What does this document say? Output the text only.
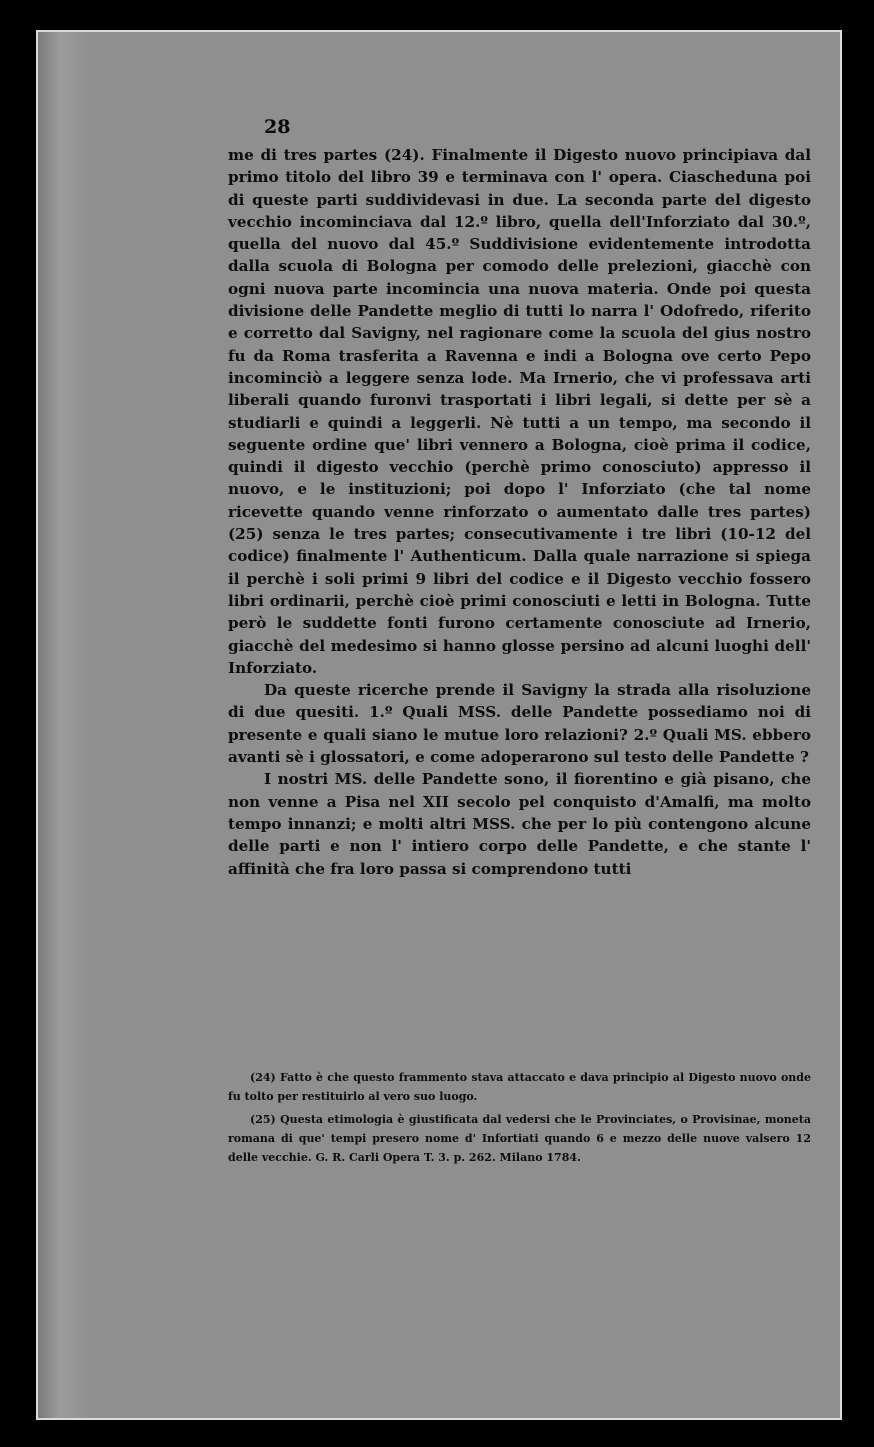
28

me di tres partes (24). Finalmente il Digesto nuovo principiava dal primo titolo del libro 39 e terminava con l' opera. Ciaschedunа poi di queste parti suddividevasi in due. La seconda parte del digesto vecchio incominciava dal 12.º libro, quella dell'Inforziato dal 30.º, quella del nuovo dal 45.º Suddivisione evidentemente introdotta dalla scuola di Bologna per comodo delle prelezioni, giacchè con ogni nuova parte incomincia una nuova materia. Onde poi questa divisione delle Pandette meglio di tutti lo narra l' Odofredo, riferito e corretto dal Savigny, nel ragionare come la scuola del gius nostro fu da Roma trasferita a Ravenna e indi a Bologna ove certo Pepo incominciò a leggere senza lode. Ma Irnerio, che vi professava arti liberali quando furonvi trasportati i libri legali, si dette per sè a studiarli e quindi a leggerli. Nè tutti a un tempo, ma secondo il seguente ordine que' libri vennero a Bologna, cioè prima il codice, quindi il digesto vecchio (perchè primo conosciuto) appresso il nuovo, e le instituzioni; poi dopo l' Inforziato (che tal nome ricevette quando venne rinforzato o aumentato dalle tres partes) (25) senza le tres partes; consecutivamente i tre libri (10-12 del codice) finalmente l' Authenticum. Dalla quale narrazione si spiega il perchè i soli primi 9 libri del codice e il Digesto vecchio fossero libri ordinarii, perchè cioè primi conosciuti e letti in Bologna. Tutte però le suddette fonti furono certamente conosciute ad Irnerio, giacchè del medesimo si hanno glosse persino ad alcuni luoghi dell' Inforziato.

Da queste ricerche prende il Savigny la strada alla risoluzione di due quesiti. 1.º Quali MSS. delle Pandette possediamo noi di presente e quali siano le mutue loro relazioni? 2.º Quali MS. ebbero avanti sè i glossatori, e come adoperarono sul testo delle Pandette ?

I nostri MS. delle Pandette sono, il fiorentino e già pisano, che non venne a Pisa nel XII secolo pel conquisto d'Amalfi, ma molto tempo innanzi; e molti altri MSS. che per lo più contengono alcune delle parti e non l' intiero corpo delle Pandette, e che stante l' affinità che fra loro passa si comprendono tutti

(24) Fatto è che questo frammento stava attaccato e dava principio al Digesto nuovo onde fu tolto per restituirlo al vero suo luogo.

(25) Questa etimologia è giustificata dal vedersi che le Provinciates, o Provisinae, moneta romana di que' tempi presero nome d' Infortiati quando 6 e mezzo delle nuove valsero 12 delle vecchie. G. R. Carli Opera T. 3. p. 262. Milano 1784.
